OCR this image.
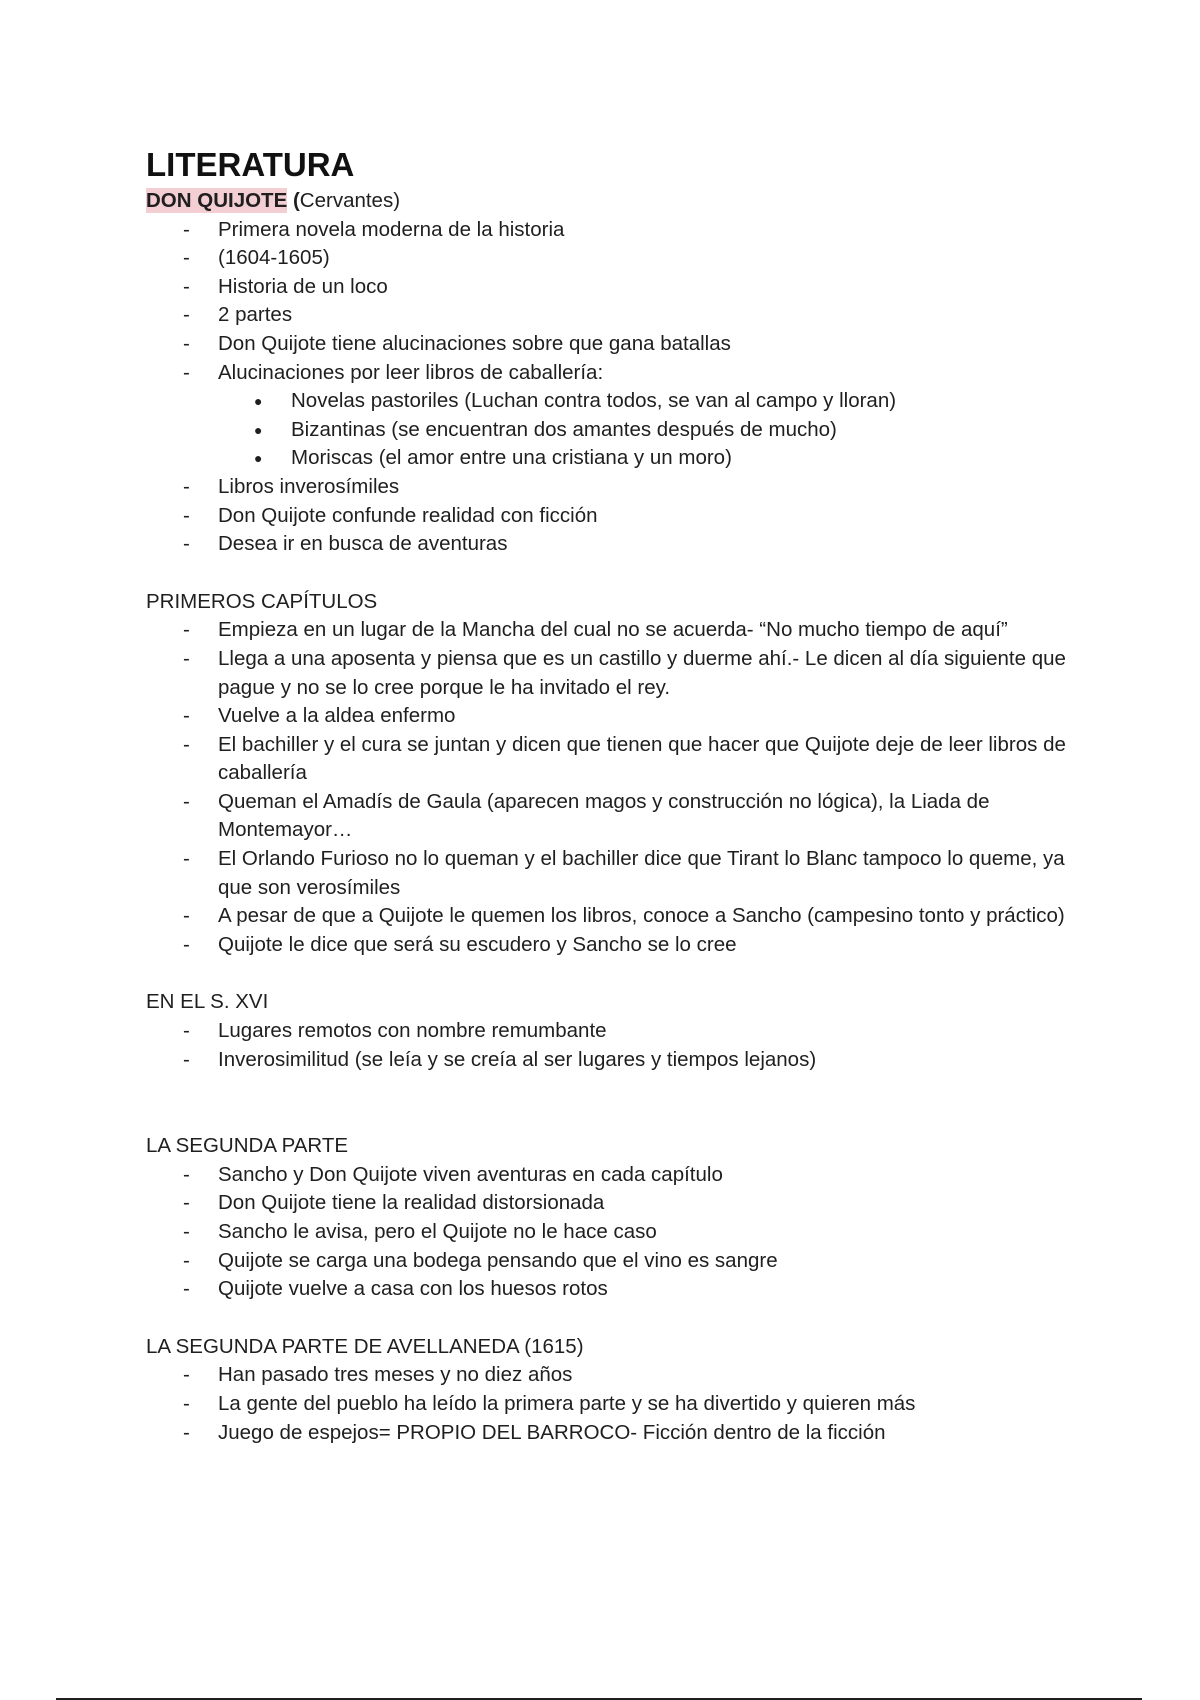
LITERATURA

DON QUIJOTE (Cervantes)

- Primera novela moderna de la historia
- (1604-1605)
- Historia de un loco
- 2 partes
- Don Quijote tiene alucinaciones sobre que gana batallas
- Alucinaciones por leer libros de caballería:
● Novelas pastoriles (Luchan contra todos, se van al campo y lloran)
● Bizantinas (se encuentran dos amantes después de mucho)
● Moriscas (el amor entre una cristiana y un moro)
- Libros inverosímiles
- Don Quijote confunde realidad con ficción
- Desea ir en busca de aventuras

PRIMEROS CAPÍTULOS

- Empieza en un lugar de la Mancha del cual no se acuerda- “No mucho tiempo de aquí”
- Llega a una aposenta y piensa que es un castillo y duerme ahí.- Le dicen al día siguiente que pague y no se lo cree porque le ha invitado el rey.
- Vuelve a la aldea enfermo
- El bachiller y el cura se juntan y dicen que tienen que hacer que Quijote deje de leer libros de caballería
- Queman el Amadís de Gaula (aparecen magos y construcción no lógica), la Liada de Montemayor…
- El Orlando Furioso no lo queman y el bachiller dice que Tirant lo Blanc tampoco lo queme, ya que son verosímiles
- A pesar de que a Quijote le quemen los libros, conoce a Sancho (campesino tonto y práctico)
- Quijote le dice que será su escudero y Sancho se lo cree

EN EL S. XVI

- Lugares remotos con nombre remumbante
- Inverosimilitud (se leía y se creía al ser lugares y tiempos lejanos)

LA SEGUNDA PARTE

- Sancho y Don Quijote viven aventuras en cada capítulo
- Don Quijote tiene la realidad distorsionada
- Sancho le avisa, pero el Quijote no le hace caso
- Quijote se carga una bodega pensando que el vino es sangre
- Quijote vuelve a casa con los huesos rotos

LA SEGUNDA PARTE DE AVELLANEDA (1615)

- Han pasado tres meses y no diez años
- La gente del pueblo ha leído la primera parte y se ha divertido y quieren más
- Juego de espejos= PROPIO DEL BARROCO- Ficción dentro de la ficción
